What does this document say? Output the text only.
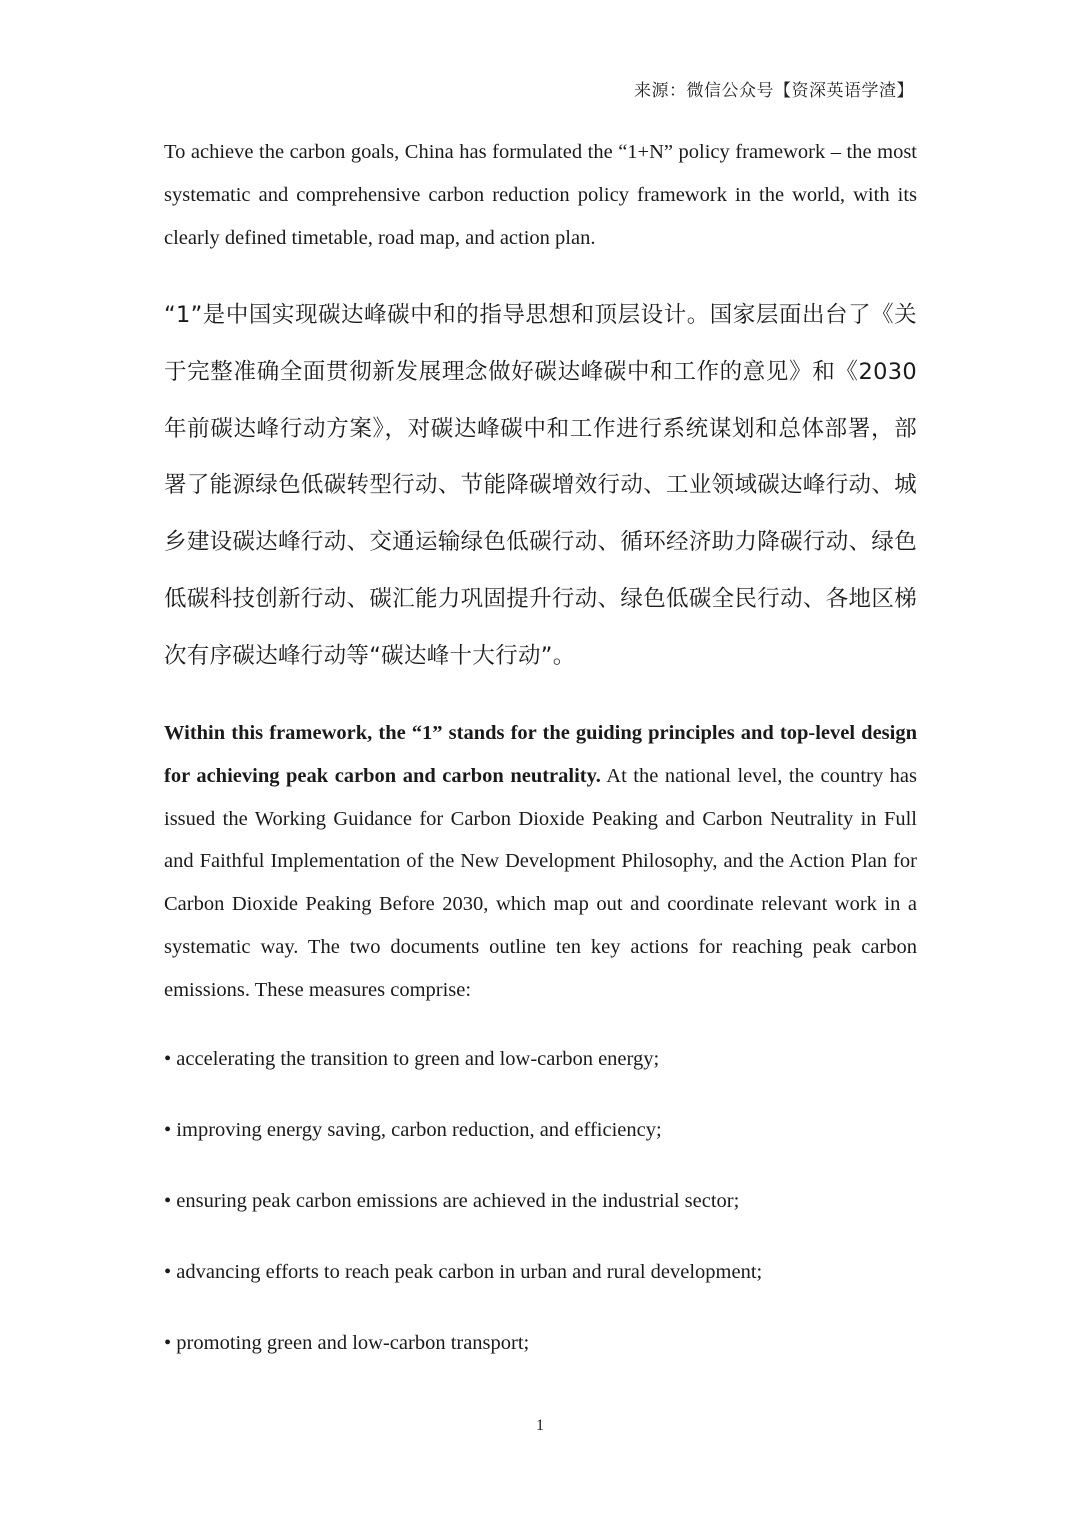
来源：微信公众号【资深英语学渣】

To achieve the carbon goals, China has formulated the “1+N” policy framework – the most systematic and comprehensive carbon reduction policy framework in the world, with its clearly defined timetable, road map, and action plan.

“1”是中国实现碳达峰碳中和的指导思想和顶层设计。国家层面出台了《关于完整准确全面贯彻新发展理念做好碳达峰碳中和工作的意见》和《2030年前碳达峰行动方案》，对碳达峰碳中和工作进行系统谋划和总体部署，部署了能源绿色低碳转型行动、节能降碳增效行动、工业领域碳达峰行动、城乡建设碳达峰行动、交通运输绿色低碳行动、循环经济助力降碳行动、绿色低碳科技创新行动、碳汇能力巩固提升行动、绿色低碳全民行动、各地区梯次有序碳达峰行动等“碳达峰十大行动”。

Within this framework, the “1” stands for the guiding principles and top-level design for achieving peak carbon and carbon neutrality. At the national level, the country has issued the Working Guidance for Carbon Dioxide Peaking and Carbon Neutrality in Full and Faithful Implementation of the New Development Philosophy, and the Action Plan for Carbon Dioxide Peaking Before 2030, which map out and coordinate relevant work in a systematic way. The two documents outline ten key actions for reaching peak carbon emissions. These measures comprise:

• accelerating the transition to green and low-carbon energy;
• improving energy saving, carbon reduction, and efficiency;
• ensuring peak carbon emissions are achieved in the industrial sector;
• advancing efforts to reach peak carbon in urban and rural development;
• promoting green and low-carbon transport;
1
